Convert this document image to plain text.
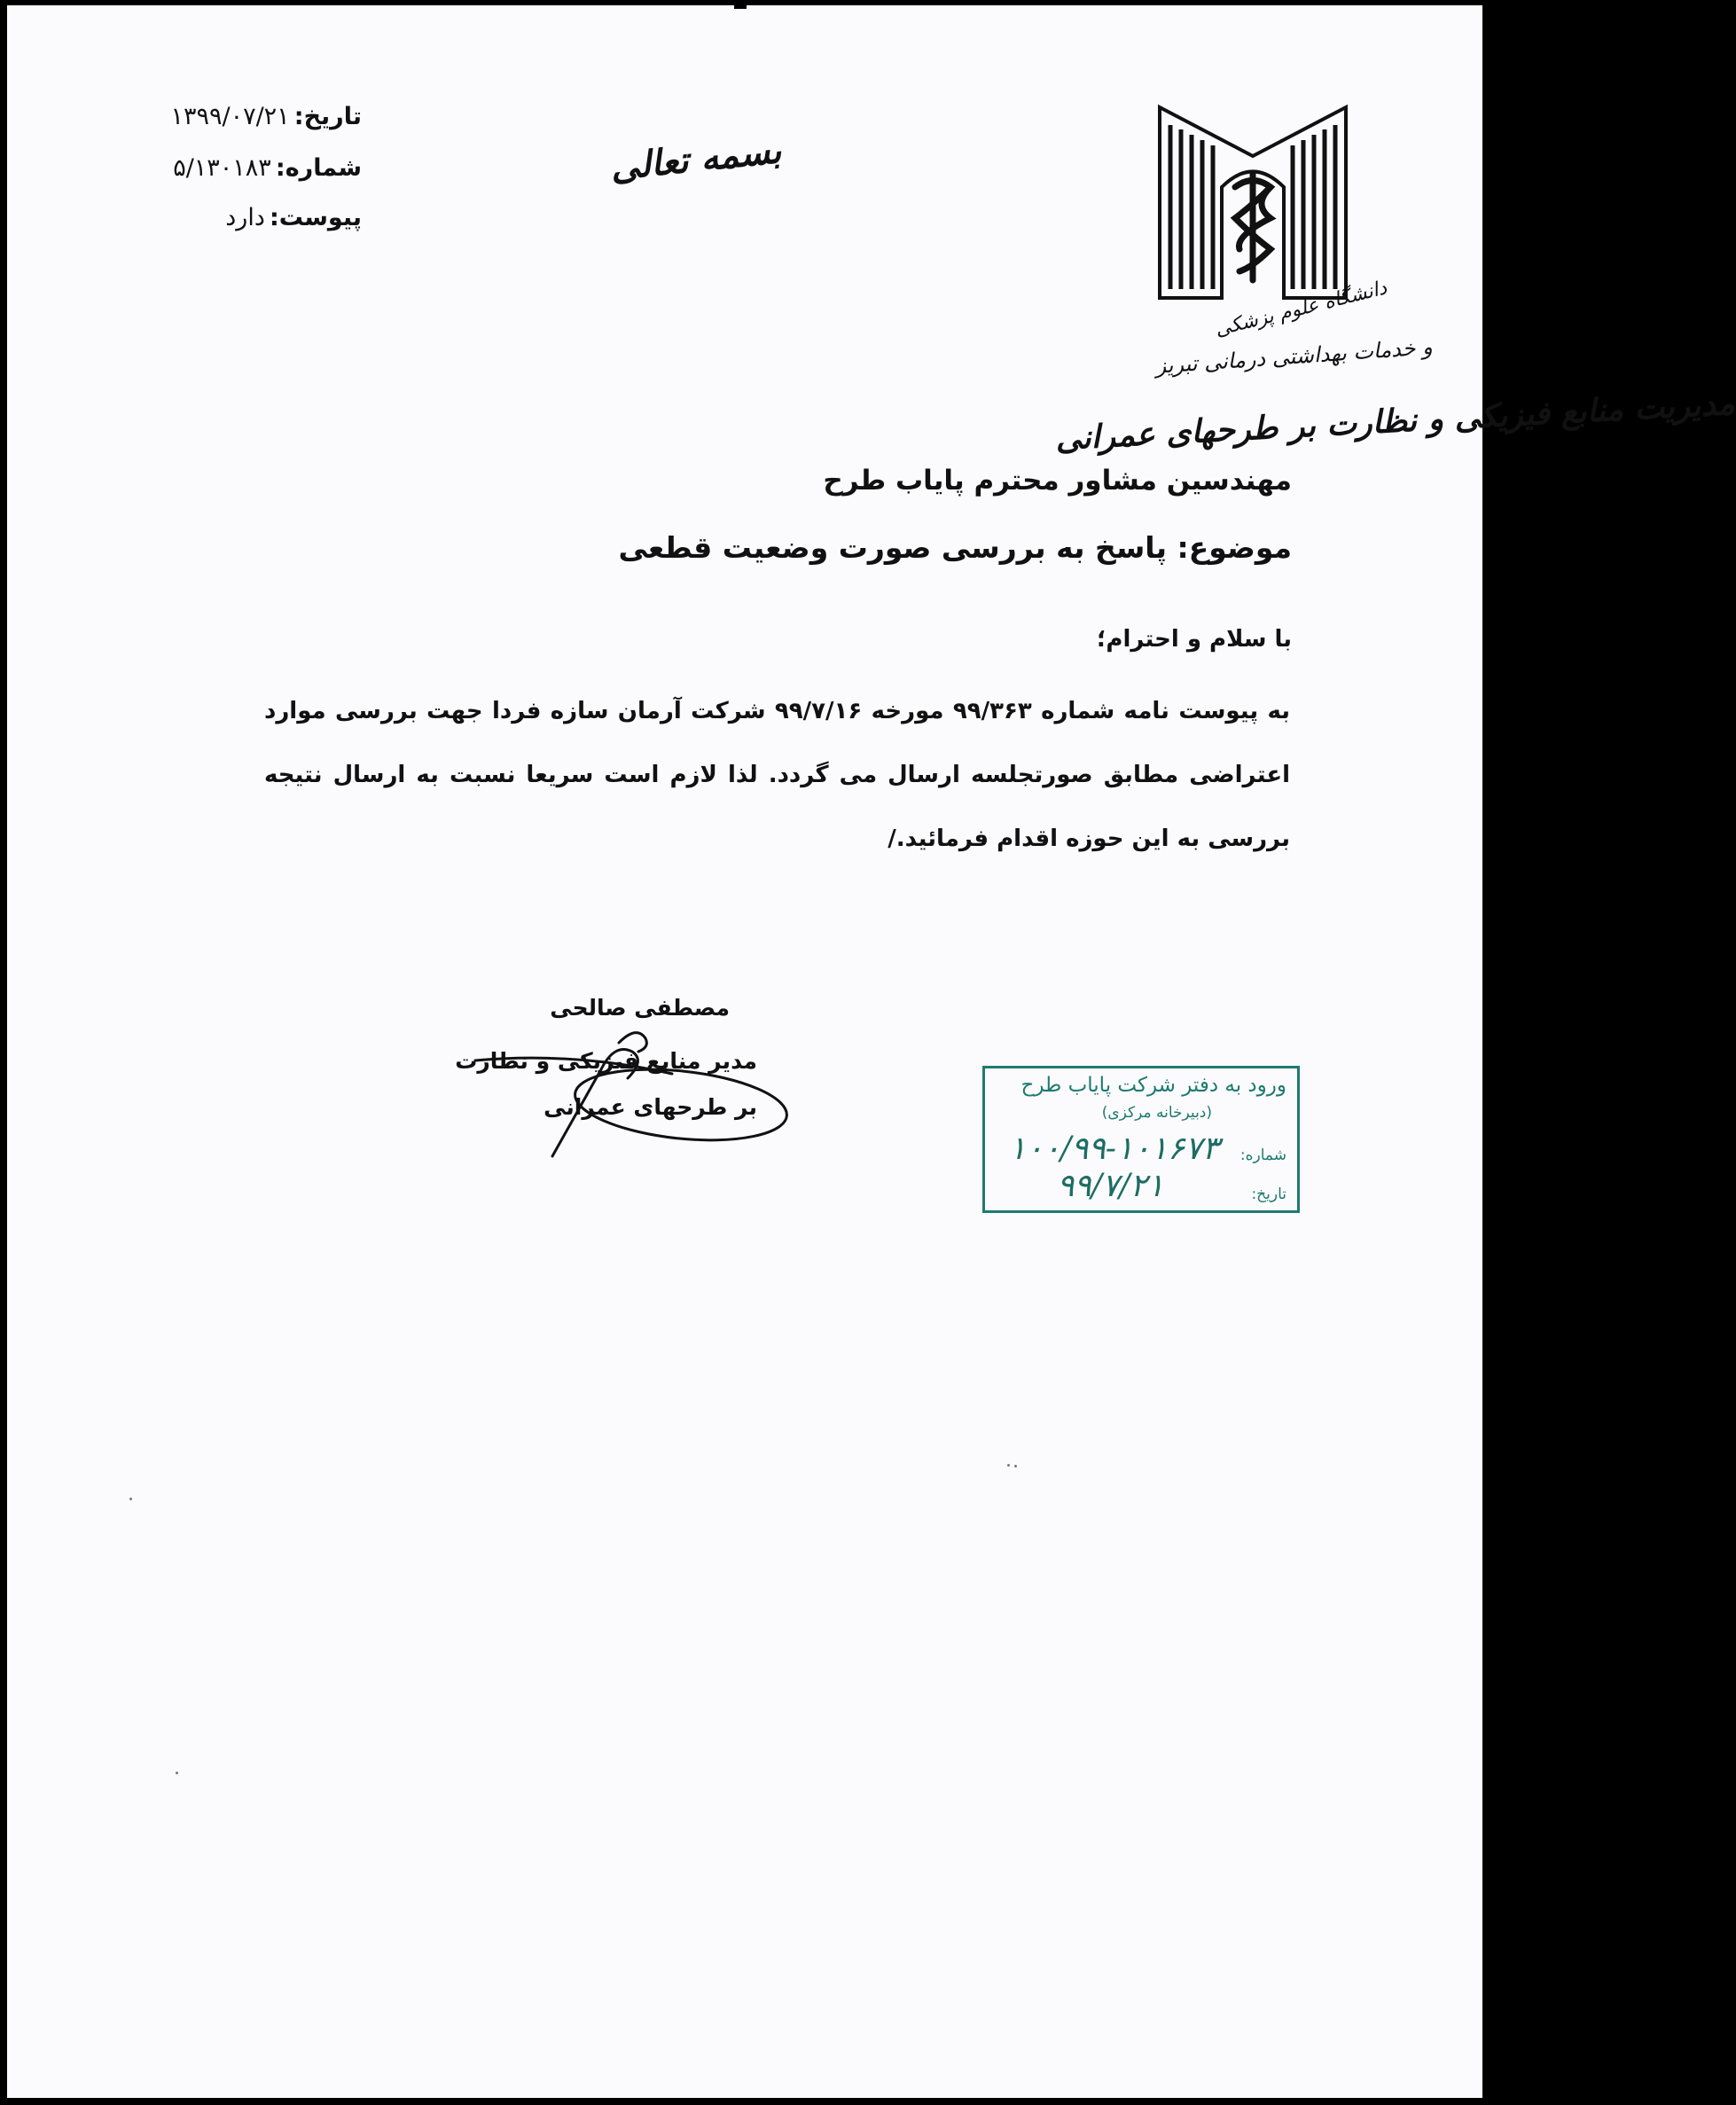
تاریخ: ۱۳۹۹/۰۷/۲۱
شماره: ۵/۱۳۰۱۸۳
پیوست: دارد
بسمه تعالی
دانشگاه علوم پزشکی
و خدمات بهداشتی درمانی تبریز
مدیریت منابع فیزیکی و نظارت بر طرحهای عمرانی
مهندسین مشاور محترم پایاب طرح
موضوع: پاسخ به بررسی صورت وضعیت قطعی
با سلام و احترام؛
به پیوست نامه شماره ۹۹/۳۶۳ مورخه ۹۹/۷/۱۶ شرکت آرمان سازه فردا جهت بررسی موارد اعتراضی مطابق صورتجلسه ارسال می گردد. لذا لازم است سریعا نسبت به ارسال نتیجه بررسی به این حوزه اقدام فرمائید./
مصطفی صالحی
مدیر منابع فیزیکی و نظارت
بر طرحهای عمرانی
ورود به دفتر شرکت پایاب طرح
(دبیرخانه مرکزی)
شماره:
۱۰۰/۹۹-۱۰۱۶۷۳
تاریخ:
۹۹/۷/۲۱
